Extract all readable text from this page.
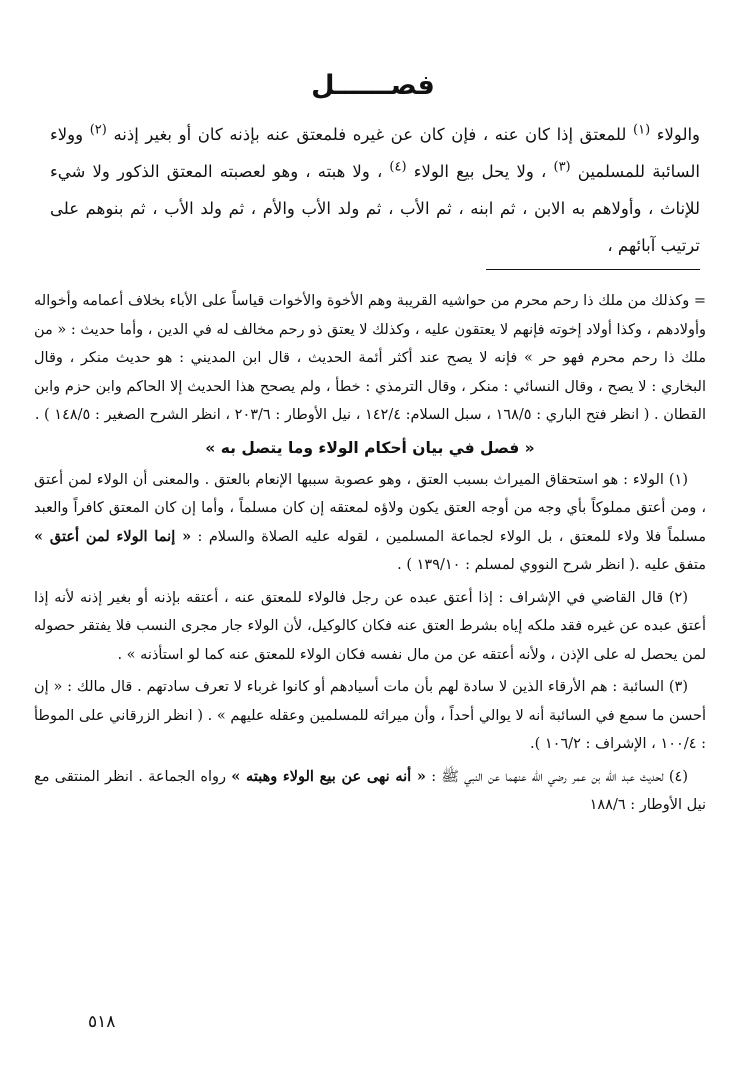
فصــــــل

والولاء $^{(١)}$ للمعتق إذا كان عنه ، فإن كان عن غيره فلمعتق عنه بإذنه كان أو بغير إذنه $^{(٢)}$ وولاء السائبة للمسلمين $^{(٣)}$ ، ولا يحل بيع الولاء $^{(٤)}$ ، ولا هبته ، وهو لعصبته المعتق الذكور ولا شيء للإناث ، وأولاهم به الابن ، ثم ابنه ، ثم الأب ، ثم ولد الأب والأم ، ثم ولد الأب ، ثم بنوهم على ترتيب آبائهم ،

= وكذلك من ملك ذا رحم محرم من حواشيه القريبة وهم الأخوة والأخوات قياساً على الأباء بخلاف أعمامه وأخواله وأولادهم ، وكذا أولاد إخوته فإنهم لا يعتقون عليه ، وكذلك لا يعتق ذو رحم مخالف له في الدين ، وأما حديث : « من ملك ذا رحم محرم فهو حر » فإنه لا يصح عند أكثر أئمة الحديث ، قال ابن المديني : هو حديث منكر ، وقال البخاري : لا يصح ، وقال النسائي : منكر ، وقال الترمذي : خطأ ، ولم يصحح هذا الحديث إلا الحاكم وابن حزم وابن القطان . ( انظر فتح الباري : ١٦٨/٥ ، سبل السلام: ١٤٢/٤ ، نيل الأوطار : ٢٠٣/٦ ، انظر الشرح الصغير : ١٤٨/٥ ) .

« فصل في بيان أحكام الولاء وما يتصل به »

(١) الولاء : هو استحقاق الميراث بسبب العتق ، وهو عصوبة سببها الإنعام بالعتق . والمعنى أن الولاء لمن أعتق ، ومن أعتق مملوكاً بأي وجه من أوجه العتق يكون ولاؤه لمعتقه إن كان مسلماً ، وأما إن كان المعتق كافراً والعبد مسلماً فلا ولاء للمعتق ، بل الولاء لجماعة المسلمين ، لقوله عليه الصلاة والسلام : « إنما الولاء لمن أعتق » متفق عليه .( انظر شرح النووي لمسلم : ١٣٩/١٠ ) .

(٢) قال القاضي في الإشراف : إذا أعتق عبده عن رجل فالولاء للمعتق عنه ، أعتقه بإذنه أو بغير إذنه لأنه إذا أعتق عبده عن غيره فقد ملكه إياه بشرط العتق عنه فكان كالوكيل، لأن الولاء جار مجرى النسب فلا يفتقر حصوله لمن يحصل له على الإذن ، ولأنه أعتقه عن من مال نفسه فكان الولاء للمعتق عنه كما لو استأذنه » .

(٣) السائبة : هم الأرقاء الذين لا سادة لهم بأن مات أسيادهم أو كانوا غرباء لا تعرف سادتهم . قال مالك : « إن أحسن ما سمع في السائبة أنه لا يوالي أحداً ، وأن ميراثه للمسلمين وعقله عليهم » . ( انظر الزرقاني على الموطأ : ١٠٠/٤ ، الإشراف : ١٠٦/٢ ).

(٤) لحديث عبد الله بن عمر رضي الله عنهما عن النبي ﷺ : « أنه نهى عن بيع الولاء وهبته » رواه الجماعة . انظر المنتقى مع نيل الأوطار : ١٨٨/٦

٥١٨
